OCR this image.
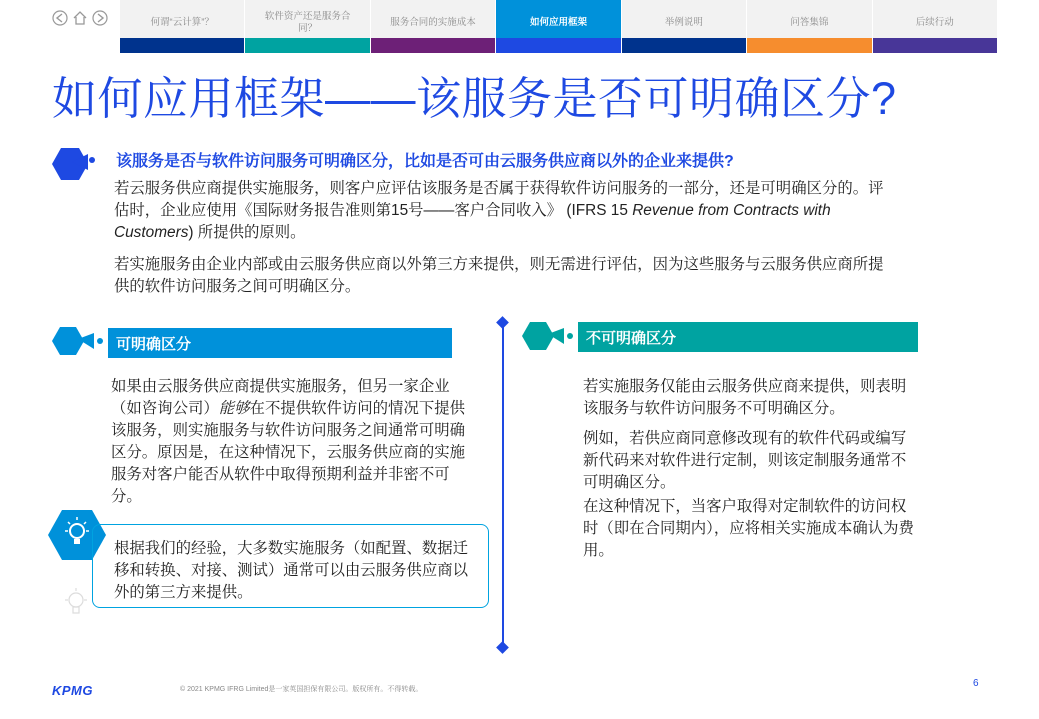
何谓“云计算”？
软件资产还是服务合同？
服务合同的实施成本	如何应用框架	举例说明	问答集锦	后续行动
如何应用框架——该服务是否可明确区分?
该服务是否与软件访问服务可明确区分，比如是否可由云服务供应商以外的企业来提供?

若云服务供应商提供实施服务，则客户应评估该服务是否属于获得软件访问服务的一部分，还是可明确区分的。评估时，企业应使用《国际财务报告准则第15号——客户合同收入》 (IFRS 15 Revenue from Contracts with Customers) 所提供的原则。

若实施服务由企业内部或由云服务供应商以外第三方来提供，则无需进行评估，因为这些服务与云服务供应商所提供的软件访问服务之间可明确区分。

可明确区分

如果由云服务供应商提供实施服务，但另一家企业（如咨询公司）能够在不提供软件访问的情况下提供该服务，则实施服务与软件访问服务之间通常可明确区分。原因是，在这种情况下，云服务供应商的实施服务对客户能否从软件中取得预期利益并非密不可分。

根据我们的经验，大多数实施服务（如配置、数据迁移和转换、对接、测试）通常可以由云服务供应商以外的第三方来提供。

不可明确区分

若实施服务仅能由云服务供应商来提供，则表明该服务与软件访问服务不可明确区分。

例如，若供应商同意修改现有的软件代码或编写新代码来对软件进行定制，则该定制服务通常不可明确区分。

在这种情况下，当客户取得对定制软件的访问权时（即在合同期内），应将相关实施成本确认为费用。

KPMG	© 2021 KPMG IFRG Limited是一家英国担保有限公司。版权所有。不得转载。
6
